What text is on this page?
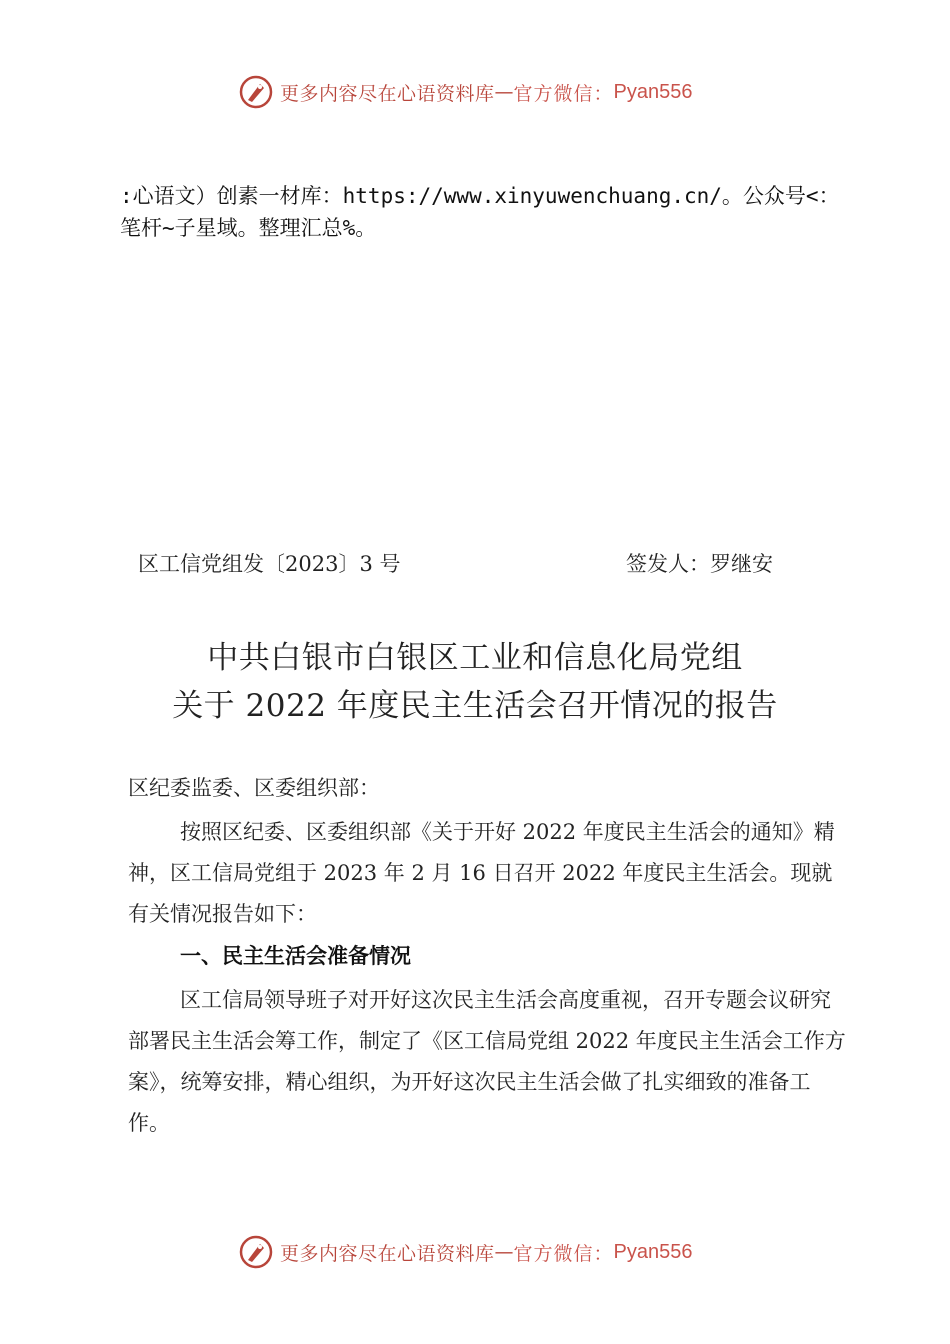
更多内容尽在心语资料库 — 官方微信： Pyan556
:心语文）创素一材库：https://www.xinyuwenchuang.cn/。公众号<：笔杆~子星域。整理汇总%。
区工信党组发〔2023〕3 号	签发人：罗继安
中共白银市白银区工业和信息化局党组
关于 2022 年度民主生活会召开情况的报告
区纪委监委、区委组织部：
按照区纪委、区委组织部《关于开好 2022 年度民主生活会的通知》精神，区工信局党组于 2023 年 2 月 16 日召开 2022 年度民主生活会。现就有关情况报告如下：
一、民主生活会准备情况
区工信局领导班子对开好这次民主生活会高度重视，召开专题会议研究部署民主生活会筹工作，制定了《区工信局党组 2022 年度民主生活会工作方案》，统筹安排，精心组织，为开好这次民主生活会做了扎实细致的准备工作。
更多内容尽在心语资料库 — 官方微信： Pyan556
